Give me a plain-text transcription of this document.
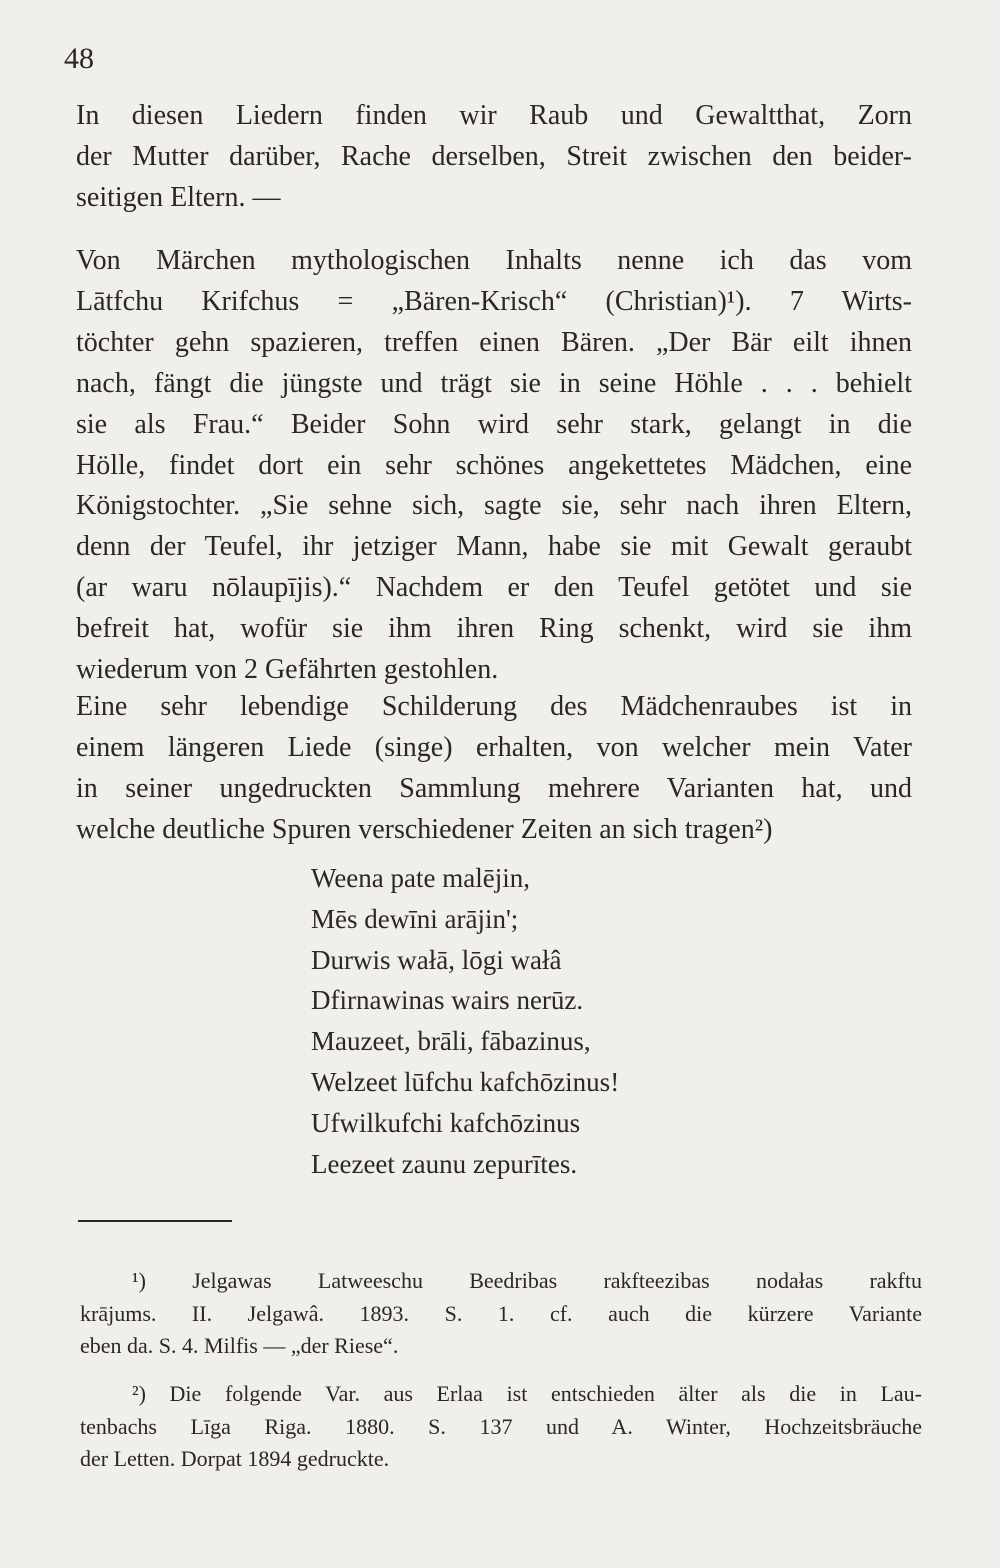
48
In diesen Liedern finden wir Raub und Gewaltthat, Zorn
der Mutter darüber, Rache derselben, Streit zwischen den beider-
seitigen Eltern. —
Von Märchen mythologischen Inhalts nenne ich das vom
Lātfchu Krifchus = „Bären-Krisch“ (Christian)¹). 7 Wirts-
töchter gehn spazieren, treffen einen Bären. „Der Bär eilt ihnen
nach, fängt die jüngste und trägt sie in seine Höhle . . . behielt
sie als Frau.“ Beider Sohn wird sehr stark, gelangt in die
Hölle, findet dort ein sehr schönes angekettetes Mädchen, eine
Königstochter. „Sie sehne sich, sagte sie, sehr nach ihren Eltern,
denn der Teufel, ihr jetziger Mann, habe sie mit Gewalt geraubt
(ar waru nōlaupījis).“ Nachdem er den Teufel getötet und sie
befreit hat, wofür sie ihm ihren Ring schenkt, wird sie ihm
wiederum von 2 Gefährten gestohlen.
Eine sehr lebendige Schilderung des Mädchenraubes ist in
einem längeren Liede (singe) erhalten, von welcher mein Vater
in seiner ungedruckten Sammlung mehrere Varianten hat, und
welche deutliche Spuren verschiedener Zeiten an sich tragen²)
Weena pate malējin,
Mēs dewīni arājin';
Durwis wałā, lōgi wałâ
Dfirnawinas wairs nerūz.
Mauzeet, brāli, fābazinus,
Welzeet lūfchu kafchōzinus!
Ufwilkufchi kafchōzinus
Leezeet zaunu zepurītes.
¹) Jelgawas Latweeschu Beedribas rakfteezibas nodałas rakftu
krājums. II. Jelgawâ. 1893. S. 1. cf. auch die kürzere Variante
eben da. S. 4. Milfis — „der Riese“.
²) Die folgende Var. aus Erlaa ist entschieden älter als die in Lau-
tenbachs Līga Riga. 1880. S. 137 und A. Winter, Hochzeitsbräuche
der Letten. Dorpat 1894 gedruckte.
